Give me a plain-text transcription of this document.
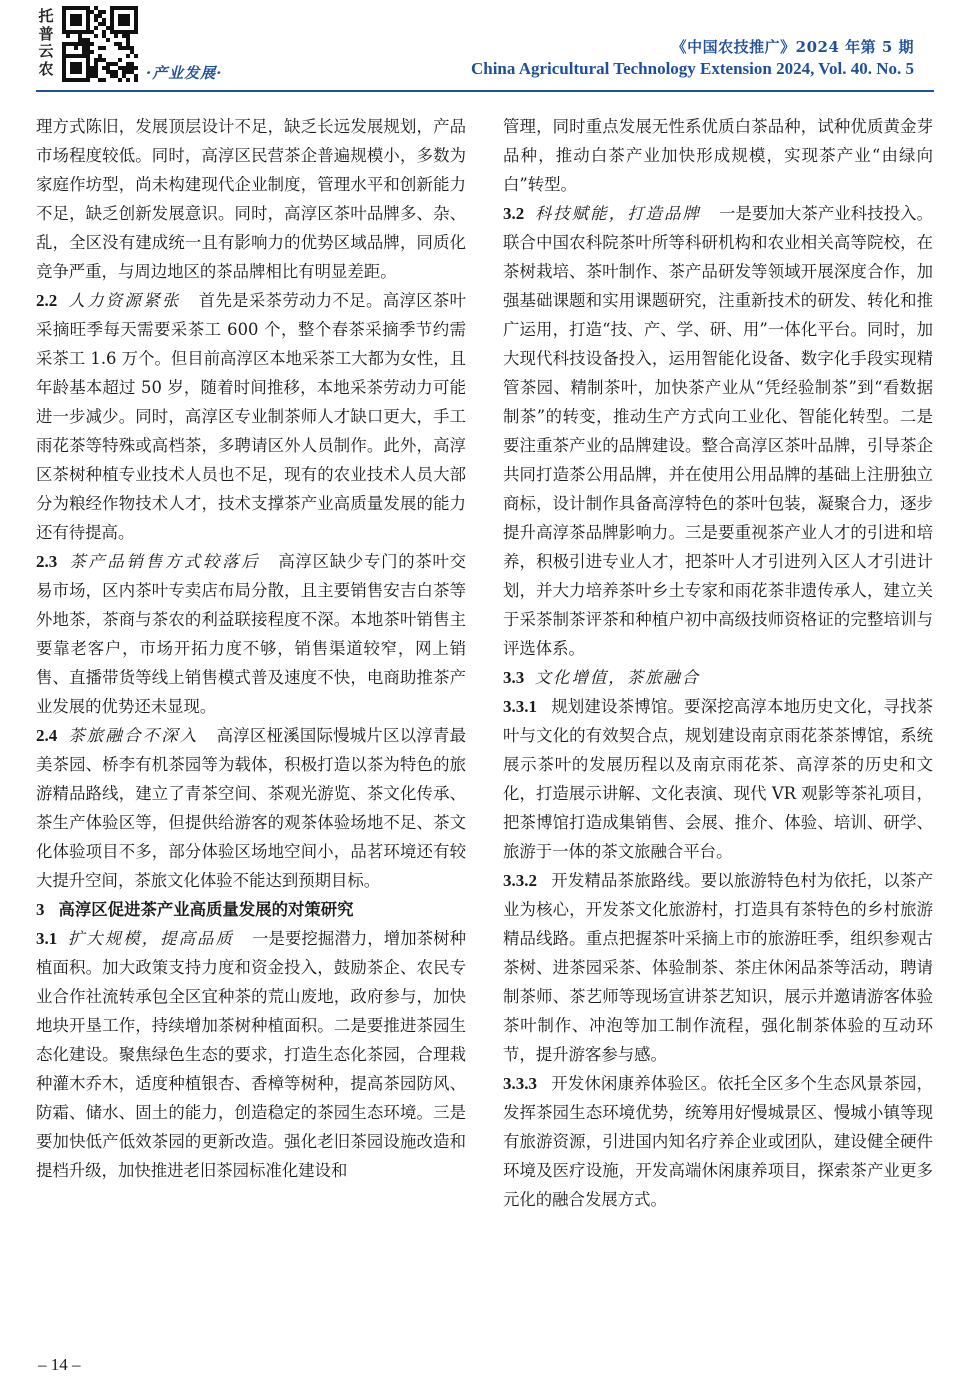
托
普
云
农	·产业发展·
《中国农技推广》2024 年第 5 期
China Agricultural Technology Extension 2024, Vol. 40. No. 5

理方式陈旧，发展顶层设计不足，缺乏长远发展规划，产品市场程度较低。同时，高淳区民营茶企普遍规模小，多数为家庭作坊型，尚未构建现代企业制度，管理水平和创新能力不足，缺乏创新发展意识。同时，高淳区茶叶品牌多、杂、乱，全区没有建成统一且有影响力的优势区域品牌，同质化竞争严重，与周边地区的茶品牌相比有明显差距。

2.2 人力资源紧张 首先是采茶劳动力不足。高淳区茶叶采摘旺季每天需要采茶工 600 个，整个春茶采摘季节约需采茶工 1.6 万个。但目前高淳区本地采茶工大都为女性，且年龄基本超过 50 岁，随着时间推移，本地采茶劳动力可能进一步减少。同时，高淳区专业制茶师人才缺口更大，手工雨花茶等特殊或高档茶，多聘请区外人员制作。此外，高淳区茶树种植专业技术人员也不足，现有的农业技术人员大部分为粮经作物技术人才，技术支撑茶产业高质量发展的能力还有待提高。

2.3 茶产品销售方式较落后 高淳区缺少专门的茶叶交易市场，区内茶叶专卖店布局分散，且主要销售安吉白茶等外地茶，茶商与茶农的利益联接程度不深。本地茶叶销售主要靠老客户，市场开拓力度不够，销售渠道较窄，网上销售、直播带货等线上销售模式普及速度不快，电商助推茶产业发展的优势还未显现。

2.4 茶旅融合不深入 高淳区桠溪国际慢城片区以淳青最美茶园、桥李有机茶园等为载体，积极打造以茶为特色的旅游精品路线，建立了青茶空间、茶观光游览、茶文化传承、茶生产体验区等，但提供给游客的观茶体验场地不足、茶文化体验项目不多，部分体验区场地空间小，品茗环境还有较大提升空间，茶旅文化体验不能达到预期目标。

3 高淳区促进茶产业高质量发展的对策研究

3.1 扩大规模，提高品质 一是要挖掘潜力，增加茶树种植面积。加大政策支持力度和资金投入，鼓励茶企、农民专业合作社流转承包全区宜种茶的荒山废地，政府参与，加快地块开垦工作，持续增加茶树种植面积。二是要推进茶园生态化建设。聚焦绿色生态的要求，打造生态化茶园，合理栽种灌木乔木，适度种植银杏、香樟等树种，提高茶园防风、防霜、储水、固土的能力，创造稳定的茶园生态环境。三是要加快低产低效茶园的更新改造。强化老旧茶园设施改造和提档升级，加快推进老旧茶园标准化建设和

管理，同时重点发展无性系优质白茶品种，试种优质黄金芽品种，推动白茶产业加快形成规模，实现茶产业“由绿向白”转型。

3.2 科技赋能，打造品牌 一是要加大茶产业科技投入。联合中国农科院茶叶所等科研机构和农业相关高等院校，在茶树栽培、茶叶制作、茶产品研发等领域开展深度合作，加强基础课题和实用课题研究，注重新技术的研发、转化和推广运用，打造“技、产、学、研、用”一体化平台。同时，加大现代科技设备投入，运用智能化设备、数字化手段实现精管茶园、精制茶叶，加快茶产业从“凭经验制茶”到“看数据制茶”的转变，推动生产方式向工业化、智能化转型。二是要注重茶产业的品牌建设。整合高淳区茶叶品牌，引导茶企共同打造茶公用品牌，并在使用公用品牌的基础上注册独立商标，设计制作具备高淳特色的茶叶包装，凝聚合力，逐步提升高淳茶品牌影响力。三是要重视茶产业人才的引进和培养，积极引进专业人才，把茶叶人才引进列入区人才引进计划，并大力培养茶叶乡土专家和雨花茶非遗传承人，建立关于采茶制茶评茶和种植户初中高级技师资格证的完整培训与评选体系。

3.3 文化增值，茶旅融合

3.3.1 规划建设茶博馆。要深挖高淳本地历史文化，寻找茶叶与文化的有效契合点，规划建设南京雨花茶茶博馆，系统展示茶叶的发展历程以及南京雨花茶、高淳茶的历史和文化，打造展示讲解、文化表演、现代 VR 观影等茶礼项目，把茶博馆打造成集销售、会展、推介、体验、培训、研学、旅游于一体的茶文旅融合平台。

3.3.2 开发精品茶旅路线。要以旅游特色村为依托，以茶产业为核心，开发茶文化旅游村，打造具有茶特色的乡村旅游精品线路。重点把握茶叶采摘上市的旅游旺季，组织参观古茶树、进茶园采茶、体验制茶、茶庄休闲品茶等活动，聘请制茶师、茶艺师等现场宣讲茶艺知识，展示并邀请游客体验茶叶制作、冲泡等加工制作流程，强化制茶体验的互动环节，提升游客参与感。

3.3.3 开发休闲康养体验区。依托全区多个生态风景茶园，发挥茶园生态环境优势，统筹用好慢城景区、慢城小镇等现有旅游资源，引进国内知名疗养企业或团队，建设健全硬件环境及医疗设施，开发高端休闲康养项目，探索茶产业更多元化的融合发展方式。

– 14 –
